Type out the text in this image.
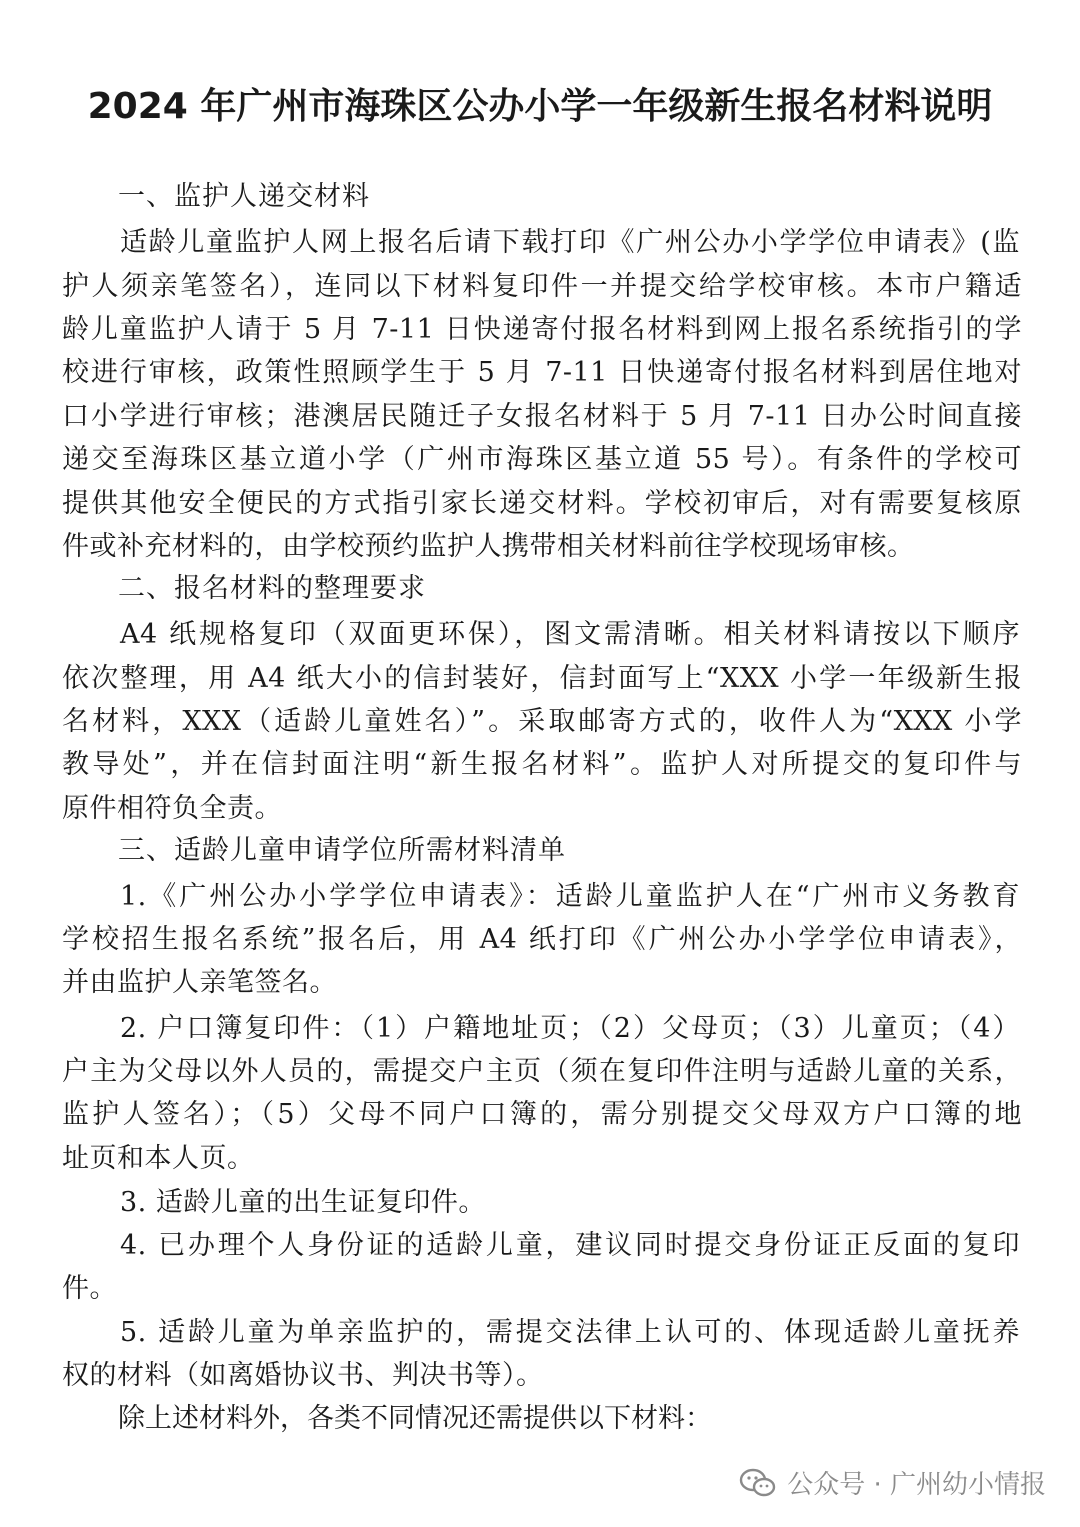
2024 年广州市海珠区公办小学一年级新生报名材料说明
一、监护人递交材料
适龄儿童监护人网上报名后请下载打印《广州公办小学学位申请表》(监
护人须亲笔签名），连同以下材料复印件一并提交给学校审核。本市户籍适
龄儿童监护人请于 5 月 7-11 日快递寄付报名材料到网上报名系统指引的学
校进行审核，政策性照顾学生于 5 月 7-11 日快递寄付报名材料到居住地对
口小学进行审核；港澳居民随迁子女报名材料于 5 月 7-11 日办公时间直接
递交至海珠区基立道小学（广州市海珠区基立道 55 号）。有条件的学校可
提供其他安全便民的方式指引家长递交材料。学校初审后，对有需要复核原
件或补充材料的，由学校预约监护人携带相关材料前往学校现场审核。
二、报名材料的整理要求
A4 纸规格复印（双面更环保），图文需清晰。相关材料请按以下顺序
依次整理，用 A4 纸大小的信封装好，信封面写上“XXX 小学一年级新生报
名材料，XXX（适龄儿童姓名）”。采取邮寄方式的，收件人为“XXX 小学
教导处”，并在信封面注明“新生报名材料”。监护人对所提交的复印件与
原件相符负全责。
三、适龄儿童申请学位所需材料清单
1.《广州公办小学学位申请表》：适龄儿童监护人在“广州市义务教育
学校招生报名系统”报名后，用 A4 纸打印《广州公办小学学位申请表》，
并由监护人亲笔签名。
2. 户口簿复印件：（1）户籍地址页；（2）父母页；（3）儿童页；（4）
户主为父母以外人员的，需提交户主页（须在复印件注明与适龄儿童的关系，
监护人签名）；（5）父母不同户口簿的，需分别提交父母双方户口簿的地
址页和本人页。
3. 适龄儿童的出生证复印件。
4. 已办理个人身份证的适龄儿童，建议同时提交身份证正反面的复印
件。
5. 适龄儿童为单亲监护的，需提交法律上认可的、体现适龄儿童抚养
权的材料（如离婚协议书、判决书等）。
除上述材料外，各类不同情况还需提供以下材料：
公众号 · 广州幼小情报
